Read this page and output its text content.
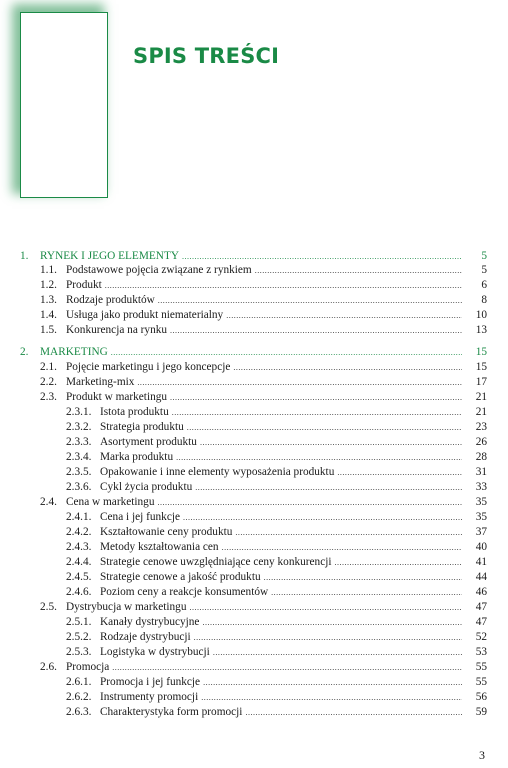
SPIS TREŚCI
1.	RYNEK I JEGO ELEMENTY .....	5
1.1. Podstawowe pojęcia związane z rynkiem .....	5
1.2. Produkt .....	6
1.3. Rodzaje produktów .....	8
1.4. Usługa jako produkt niematerialny .....	10
1.5. Konkurencja na rynku .....	13
2.	MARKETING .....	15
2.1. Pojęcie marketingu i jego koncepcje .....	15
2.2. Marketing-mix .....	17
2.3. Produkt w marketingu .....	21
2.3.1. Istota produktu .....	21
2.3.2. Strategia produktu .....	23
2.3.3. Asortyment produktu .....	26
2.3.4. Marka produktu .....	28
2.3.5. Opakowanie i inne elementy wyposażenia produktu .....	31
2.3.6. Cykl życia produktu .....	33
2.4. Cena w marketingu .....	35
2.4.1. Cena i jej funkcje .....	35
2.4.2. Kształtowanie ceny produktu .....	37
2.4.3. Metody kształtowania cen .....	40
2.4.4. Strategie cenowe uwzględniające ceny konkurencji .....	41
2.4.5. Strategie cenowe a jakość produktu .....	44
2.4.6. Poziom ceny a reakcje konsumentów .....	46
2.5. Dystrybucja w marketingu .....	47
2.5.1. Kanały dystrybucyjne .....	47
2.5.2. Rodzaje dystrybucji .....	52
2.5.3. Logistyka w dystrybucji .....	53
2.6. Promocja .....	55
2.6.1. Promocja i jej funkcje .....	55
2.6.2. Instrumenty promocji .....	56
2.6.3. Charakterystyka form promocji .....	59
3
